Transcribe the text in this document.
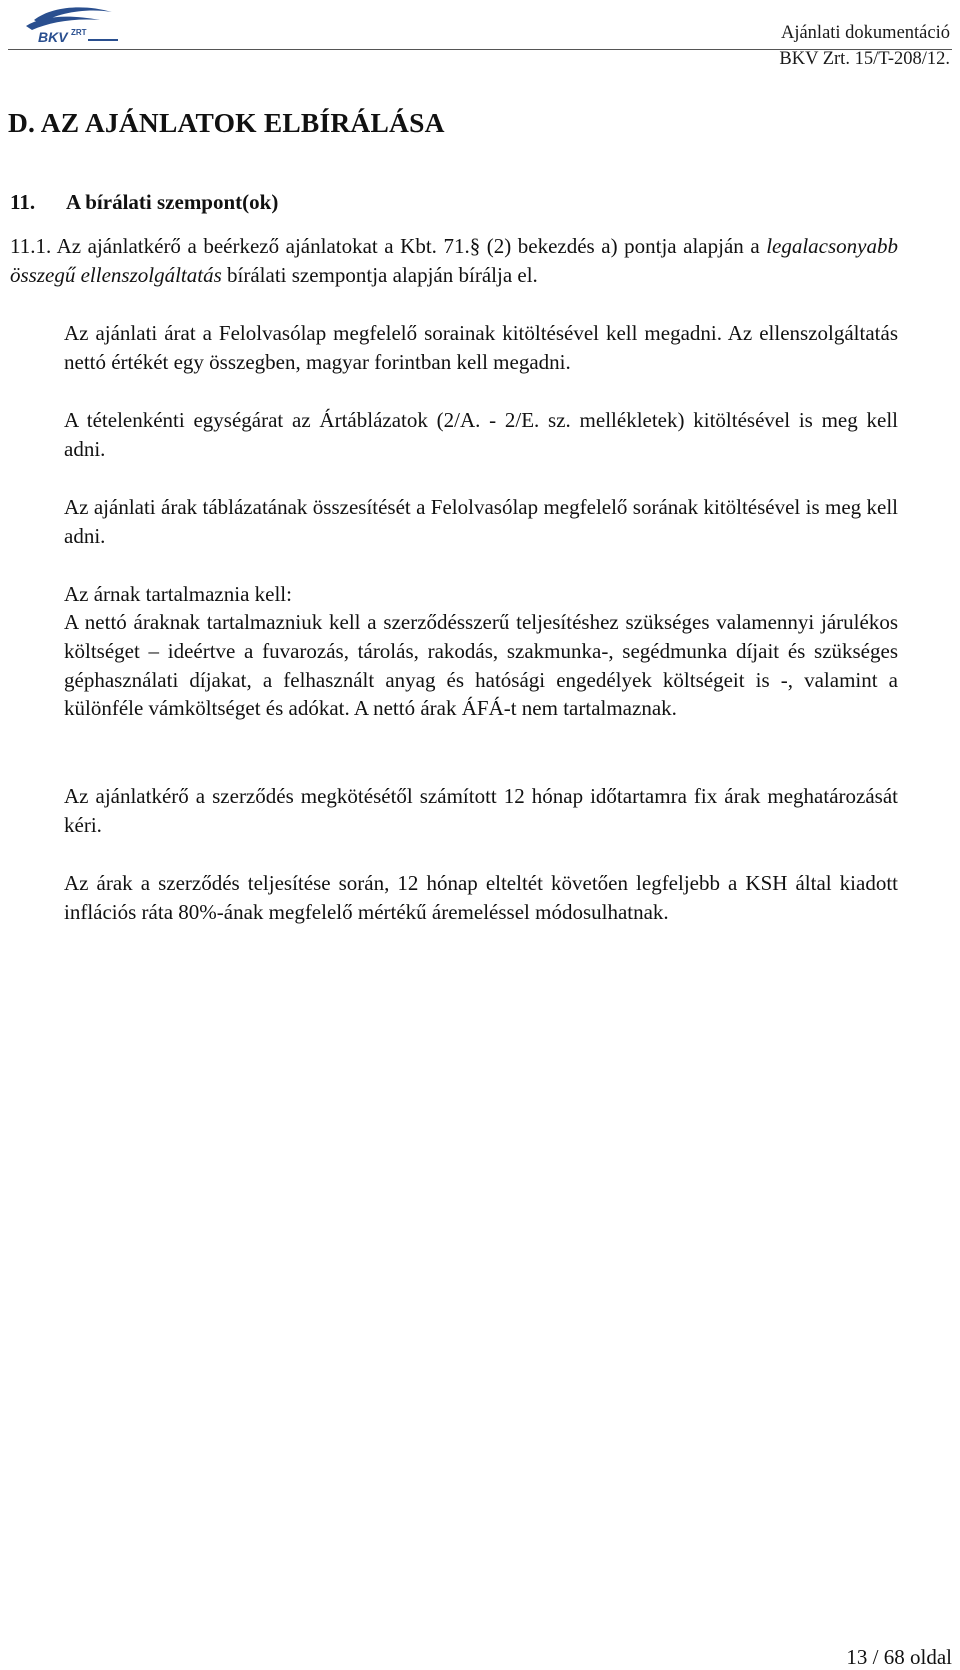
BKV ZRT	Ajánlati dokumentáció
BKV Zrt. 15/T-208/12.
D. AZ AJÁNLATOK ELBÍRÁLÁSA
11. A bírálati szempont(ok)

11.1. Az ajánlatkérő a beérkező ajánlatokat a Kbt. 71.§ (2) bekezdés a) pontja alapján a legalacsonyabb összegű ellenszolgáltatás bírálati szempontja alapján bírálja el.

Az ajánlati árat a Felolvasólap megfelelő sorainak kitöltésével kell megadni. Az ellenszolgáltatás nettó értékét egy összegben, magyar forintban kell megadni.

A tételenkénti egységárat az Ártáblázatok (2/A. - 2/E. sz. mellékletek) kitöltésével is meg kell adni.

Az ajánlati árak táblázatának összesítését a Felolvasólap megfelelő sorának kitöltésével is meg kell adni.

Az árnak tartalmaznia kell:

A nettó áraknak tartalmazniuk kell a szerződésszerű teljesítéshez szükséges valamennyi járulékos költséget – ideértve a fuvarozás, tárolás, rakodás, szakmunka-, segédmunka díjait és szükséges géphasználati díjakat, a felhasznált anyag és hatósági engedélyek költségeit is -, valamint a különféle vámköltséget és adókat. A nettó árak ÁFÁ-t nem tartalmaznak.

Az ajánlatkérő a szerződés megkötésétől számított 12 hónap időtartamra fix árak meghatározását kéri.

Az árak a szerződés teljesítése során, 12 hónap elteltét követően legfeljebb a KSH által kiadott inflációs ráta 80%-ának megfelelő mértékű áremeléssel módosulhatnak.

13 / 68 oldal
